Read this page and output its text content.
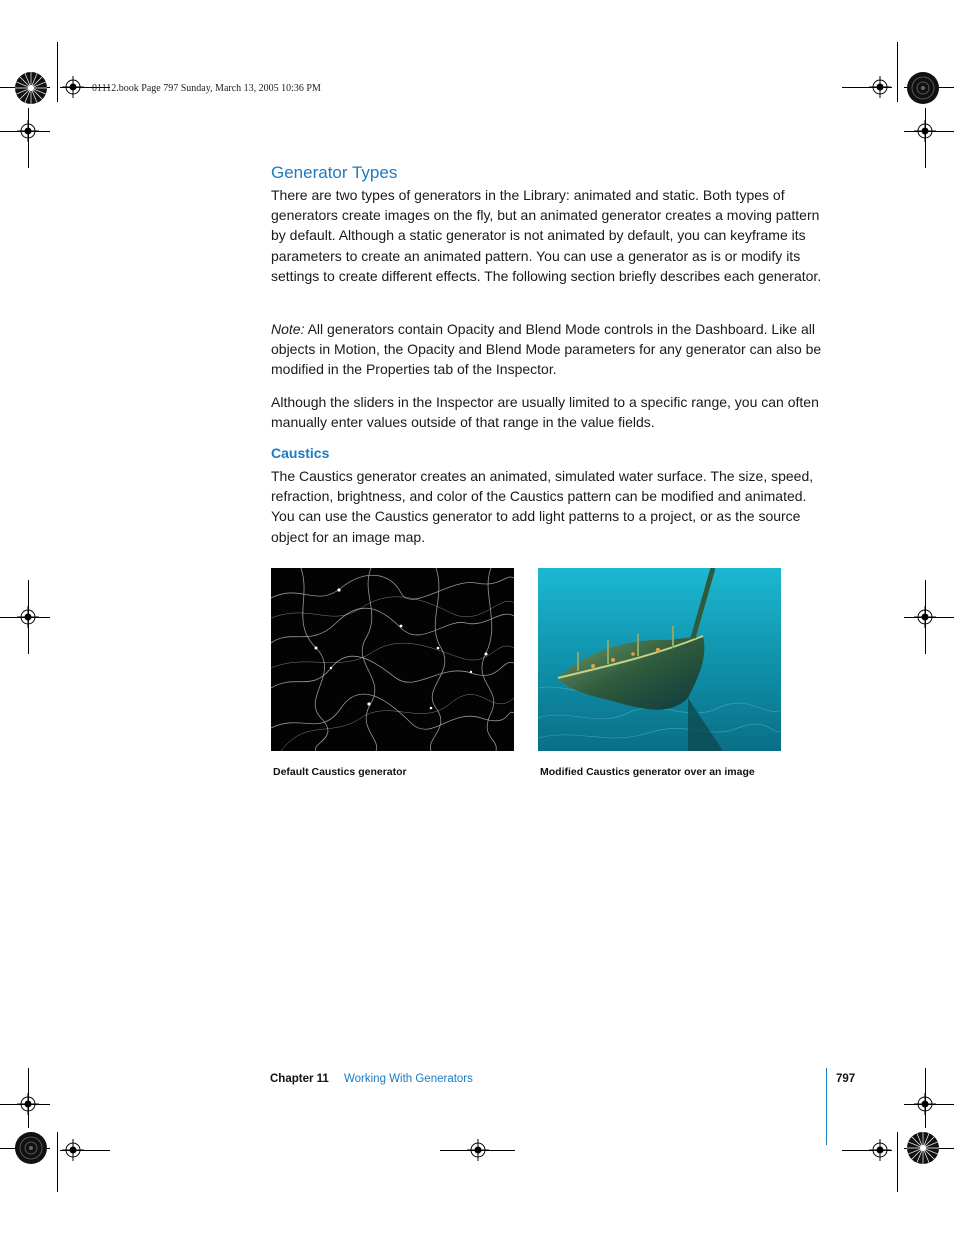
01112.book Page 797 Sunday, March 13, 2005 10:36 PM
Generator Types

There are two types of generators in the Library: animated and static. Both types of generators create images on the fly, but an animated generator creates a moving pattern by default. Although a static generator is not animated by default, you can keyframe its parameters to create an animated pattern. You can use a generator as is or modify its settings to create different effects. The following section briefly describes each generator.

Note: All generators contain Opacity and Blend Mode controls in the Dashboard. Like all objects in Motion, the Opacity and Blend Mode parameters for any generator can also be modified in the Properties tab of the Inspector.

Although the sliders in the Inspector are usually limited to a specific range, you can often manually enter values outside of that range in the value fields.

Caustics

The Caustics generator creates an animated, simulated water surface. The size, speed, refraction, brightness, and color of the Caustics pattern can be modified and animated. You can use the Caustics generator to add light patterns to a project, or as the source object for an image map.

Default Caustics generator	Modified Caustics generator over an image
Chapter 11 Working With Generators	797
